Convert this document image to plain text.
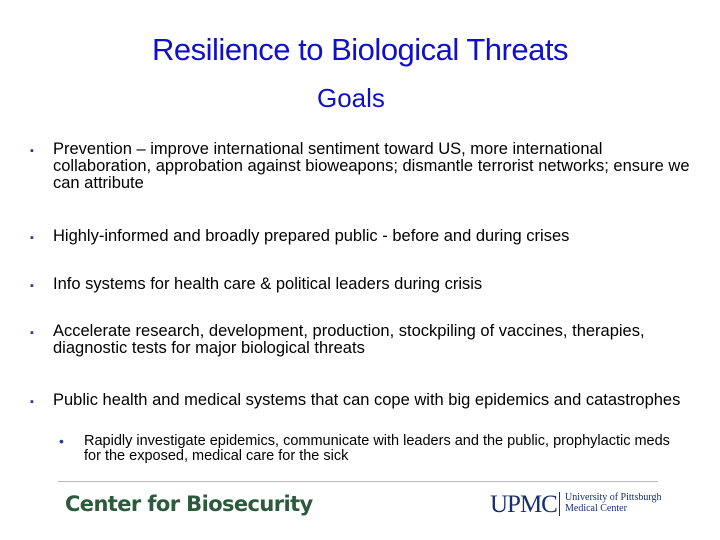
Resilience to Biological Threats
Goals
▪ Prevention – improve international sentiment toward US, more international collaboration, approbation against bioweapons; dismantle terrorist networks; ensure we can attribute
▪ Highly-informed and broadly prepared public - before and during crises
▪ Info systems for health care & political leaders during crisis
▪ Accelerate research, development, production, stockpiling of vaccines, therapies, diagnostic tests for major biological threats
▪ Public health and medical systems that can cope with big epidemics and catastrophes
• Rapidly investigate epidemics, communicate with leaders and the public, prophylactic meds for the exposed, medical care for the sick
Center for Biosecurity	UPMC University of Pittsburgh Medical Center
